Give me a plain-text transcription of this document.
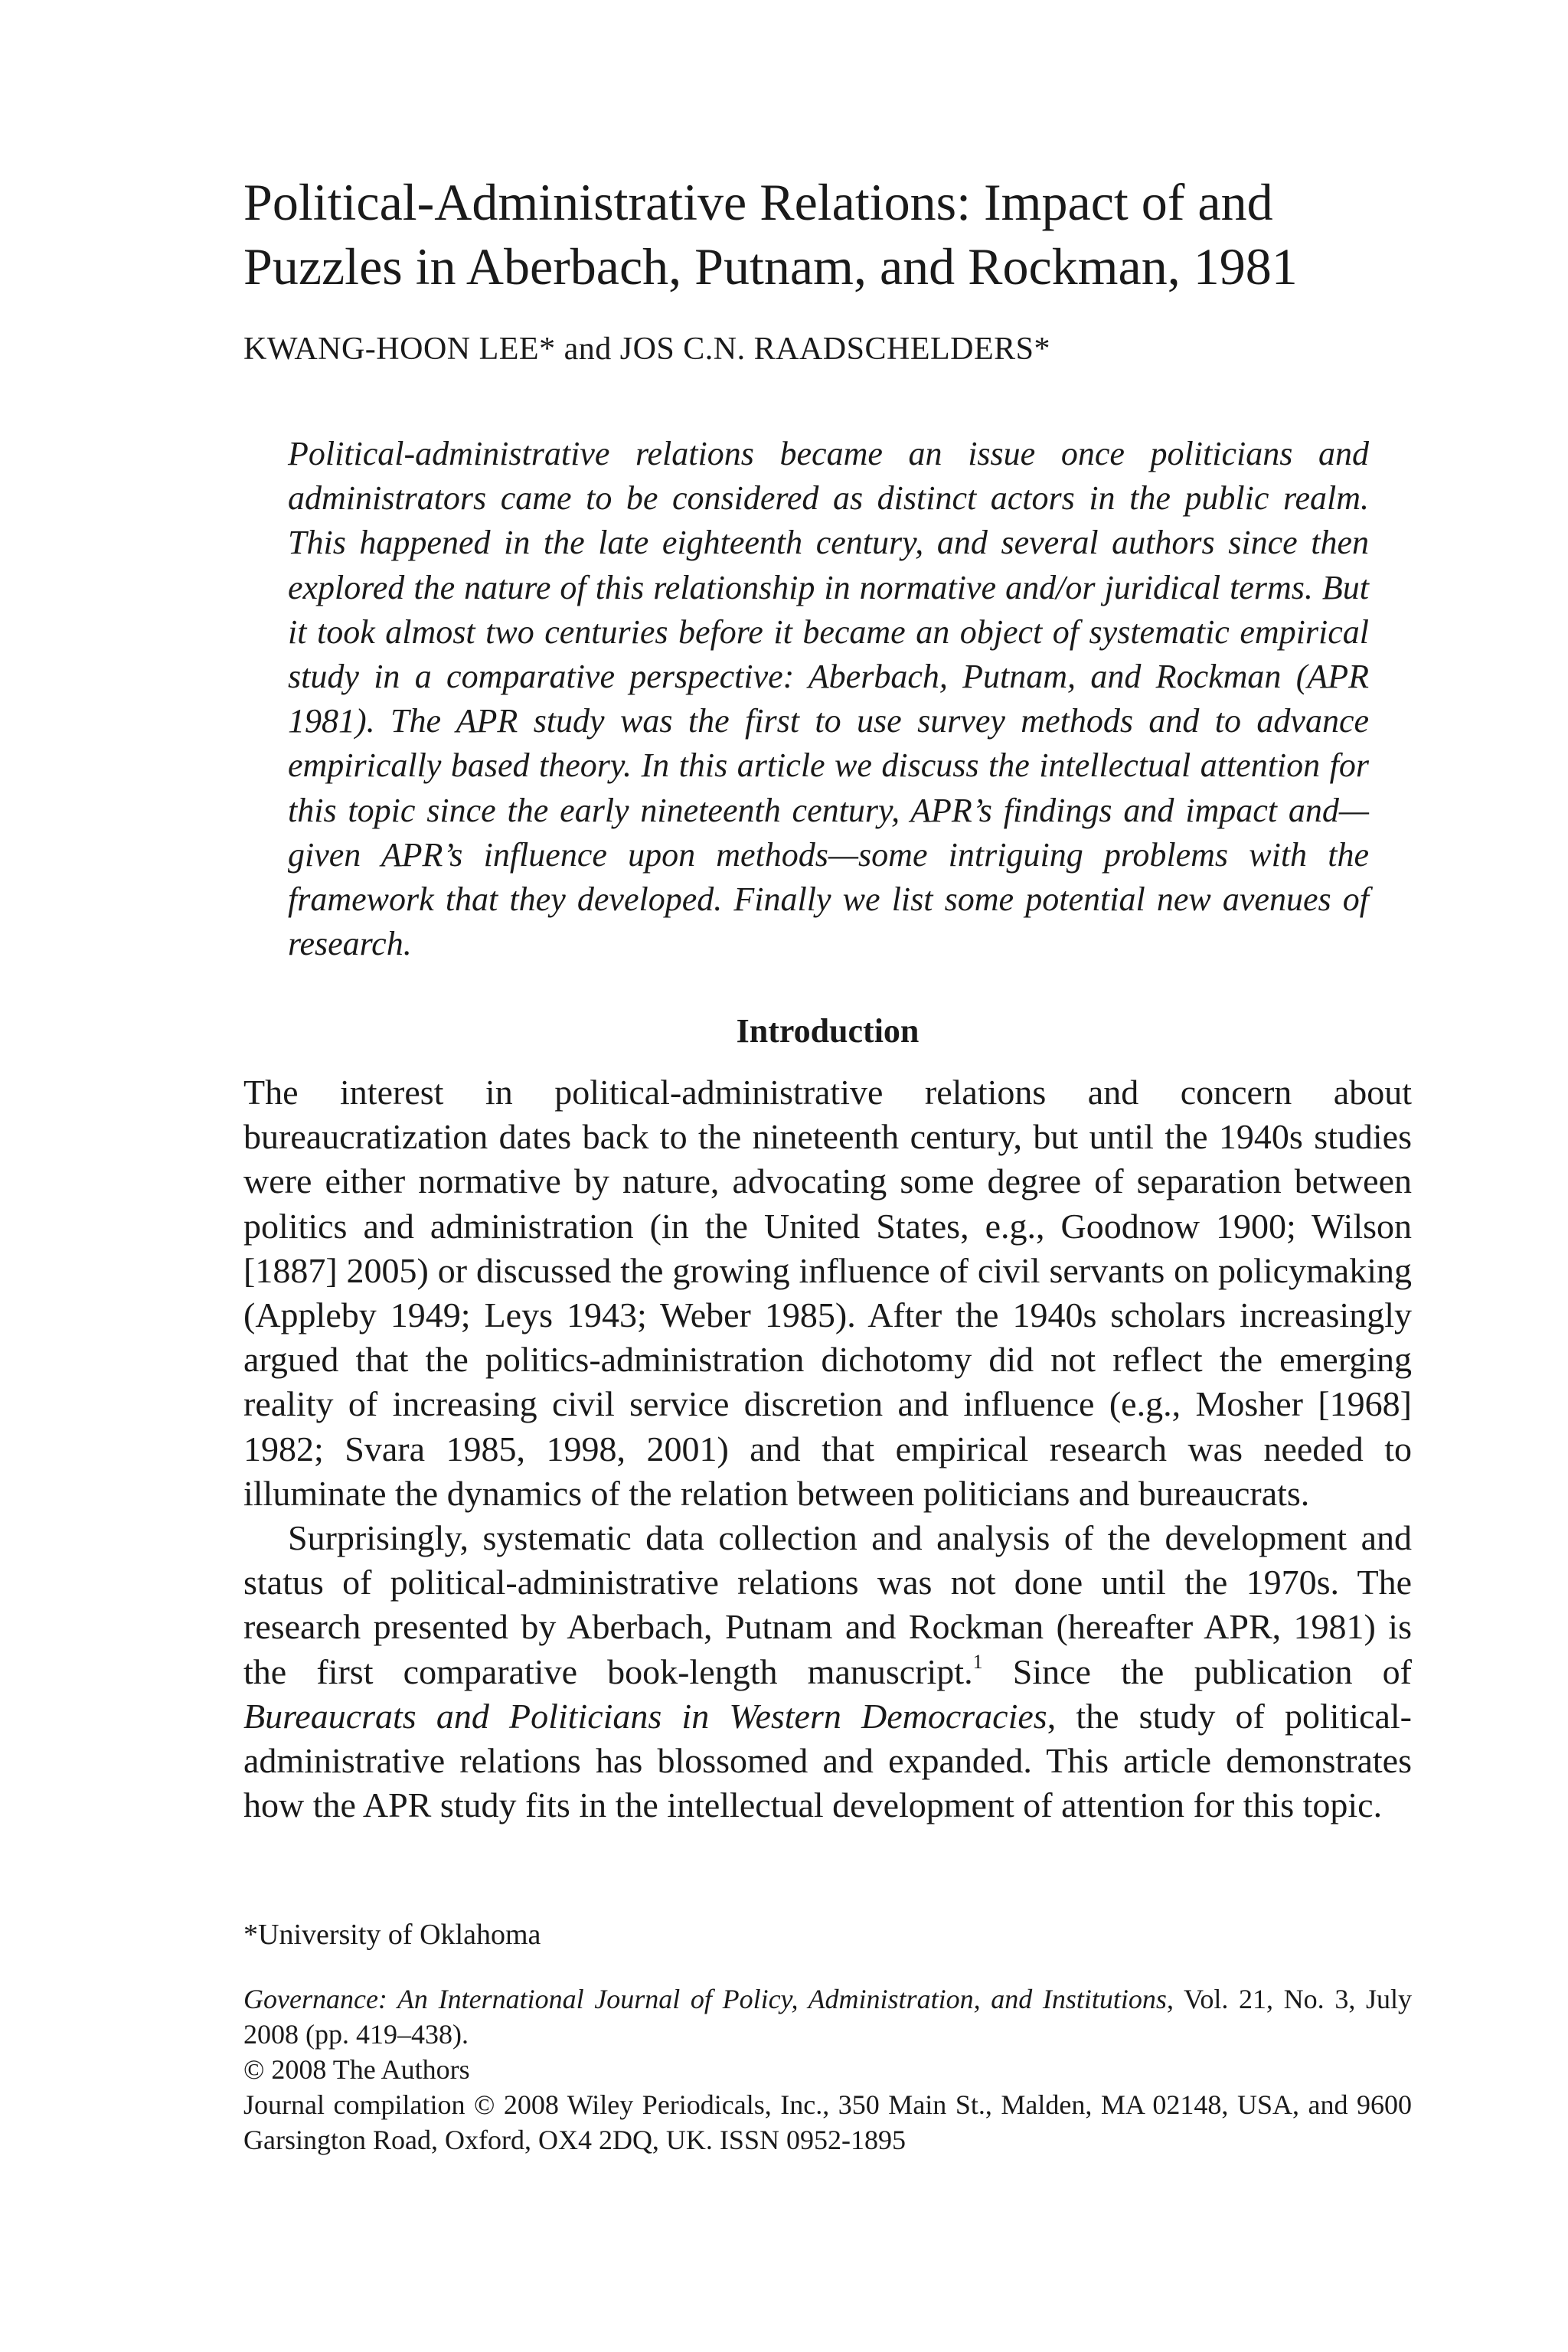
Political-Administrative Relations: Impact of and
Puzzles in Aberbach, Putnam, and Rockman, 1981

KWANG-HOON LEE* and JOS C.N. RAADSCHELDERS*

Political-administrative relations became an issue once politicians and administrators came to be considered as distinct actors in the public realm. This happened in the late eighteenth century, and several authors since then explored the nature of this relationship in normative and/or juridical terms. But it took almost two centuries before it became an object of systematic empirical study in a comparative perspective: Aberbach, Putnam, and Rockman (APR 1981). The APR study was the first to use survey methods and to advance empirically based theory. In this article we discuss the intellectual attention for this topic since the early nineteenth century, APR’s findings and impact and—given APR’s influence upon methods—some intriguing problems with the framework that they developed. Finally we list some potential new avenues of research.

Introduction

The interest in political-administrative relations and concern about bureaucratization dates back to the nineteenth century, but until the 1940s studies were either normative by nature, advocating some degree of separation between politics and administration (in the United States, e.g., Goodnow 1900; Wilson [1887] 2005) or discussed the growing influence of civil servants on policymaking (Appleby 1949; Leys 1943; Weber 1985). After the 1940s scholars increasingly argued that the politics-administration dichotomy did not reflect the emerging reality of increasing civil service discretion and influence (e.g., Mosher [1968] 1982; Svara 1985, 1998, 2001) and that empirical research was needed to illuminate the dynamics of the relation between politicians and bureaucrats.

Surprisingly, systematic data collection and analysis of the development and status of political-administrative relations was not done until the 1970s. The research presented by Aberbach, Putnam and Rockman (hereafter APR, 1981) is the first comparative book-length manuscript.$^1$ Since the publication of Bureaucrats and Politicians in Western Democracies, the study of political-administrative relations has blossomed and expanded. This article demonstrates how the APR study fits in the intellectual development of attention for this topic.

*University of Oklahoma

Governance: An International Journal of Policy, Administration, and Institutions, Vol. 21, No. 3, July 2008 (pp. 419–438).

© 2008 The Authors

Journal compilation © 2008 Wiley Periodicals, Inc., 350 Main St., Malden, MA 02148, USA, and 9600 Garsington Road, Oxford, OX4 2DQ, UK. ISSN 0952-1895
